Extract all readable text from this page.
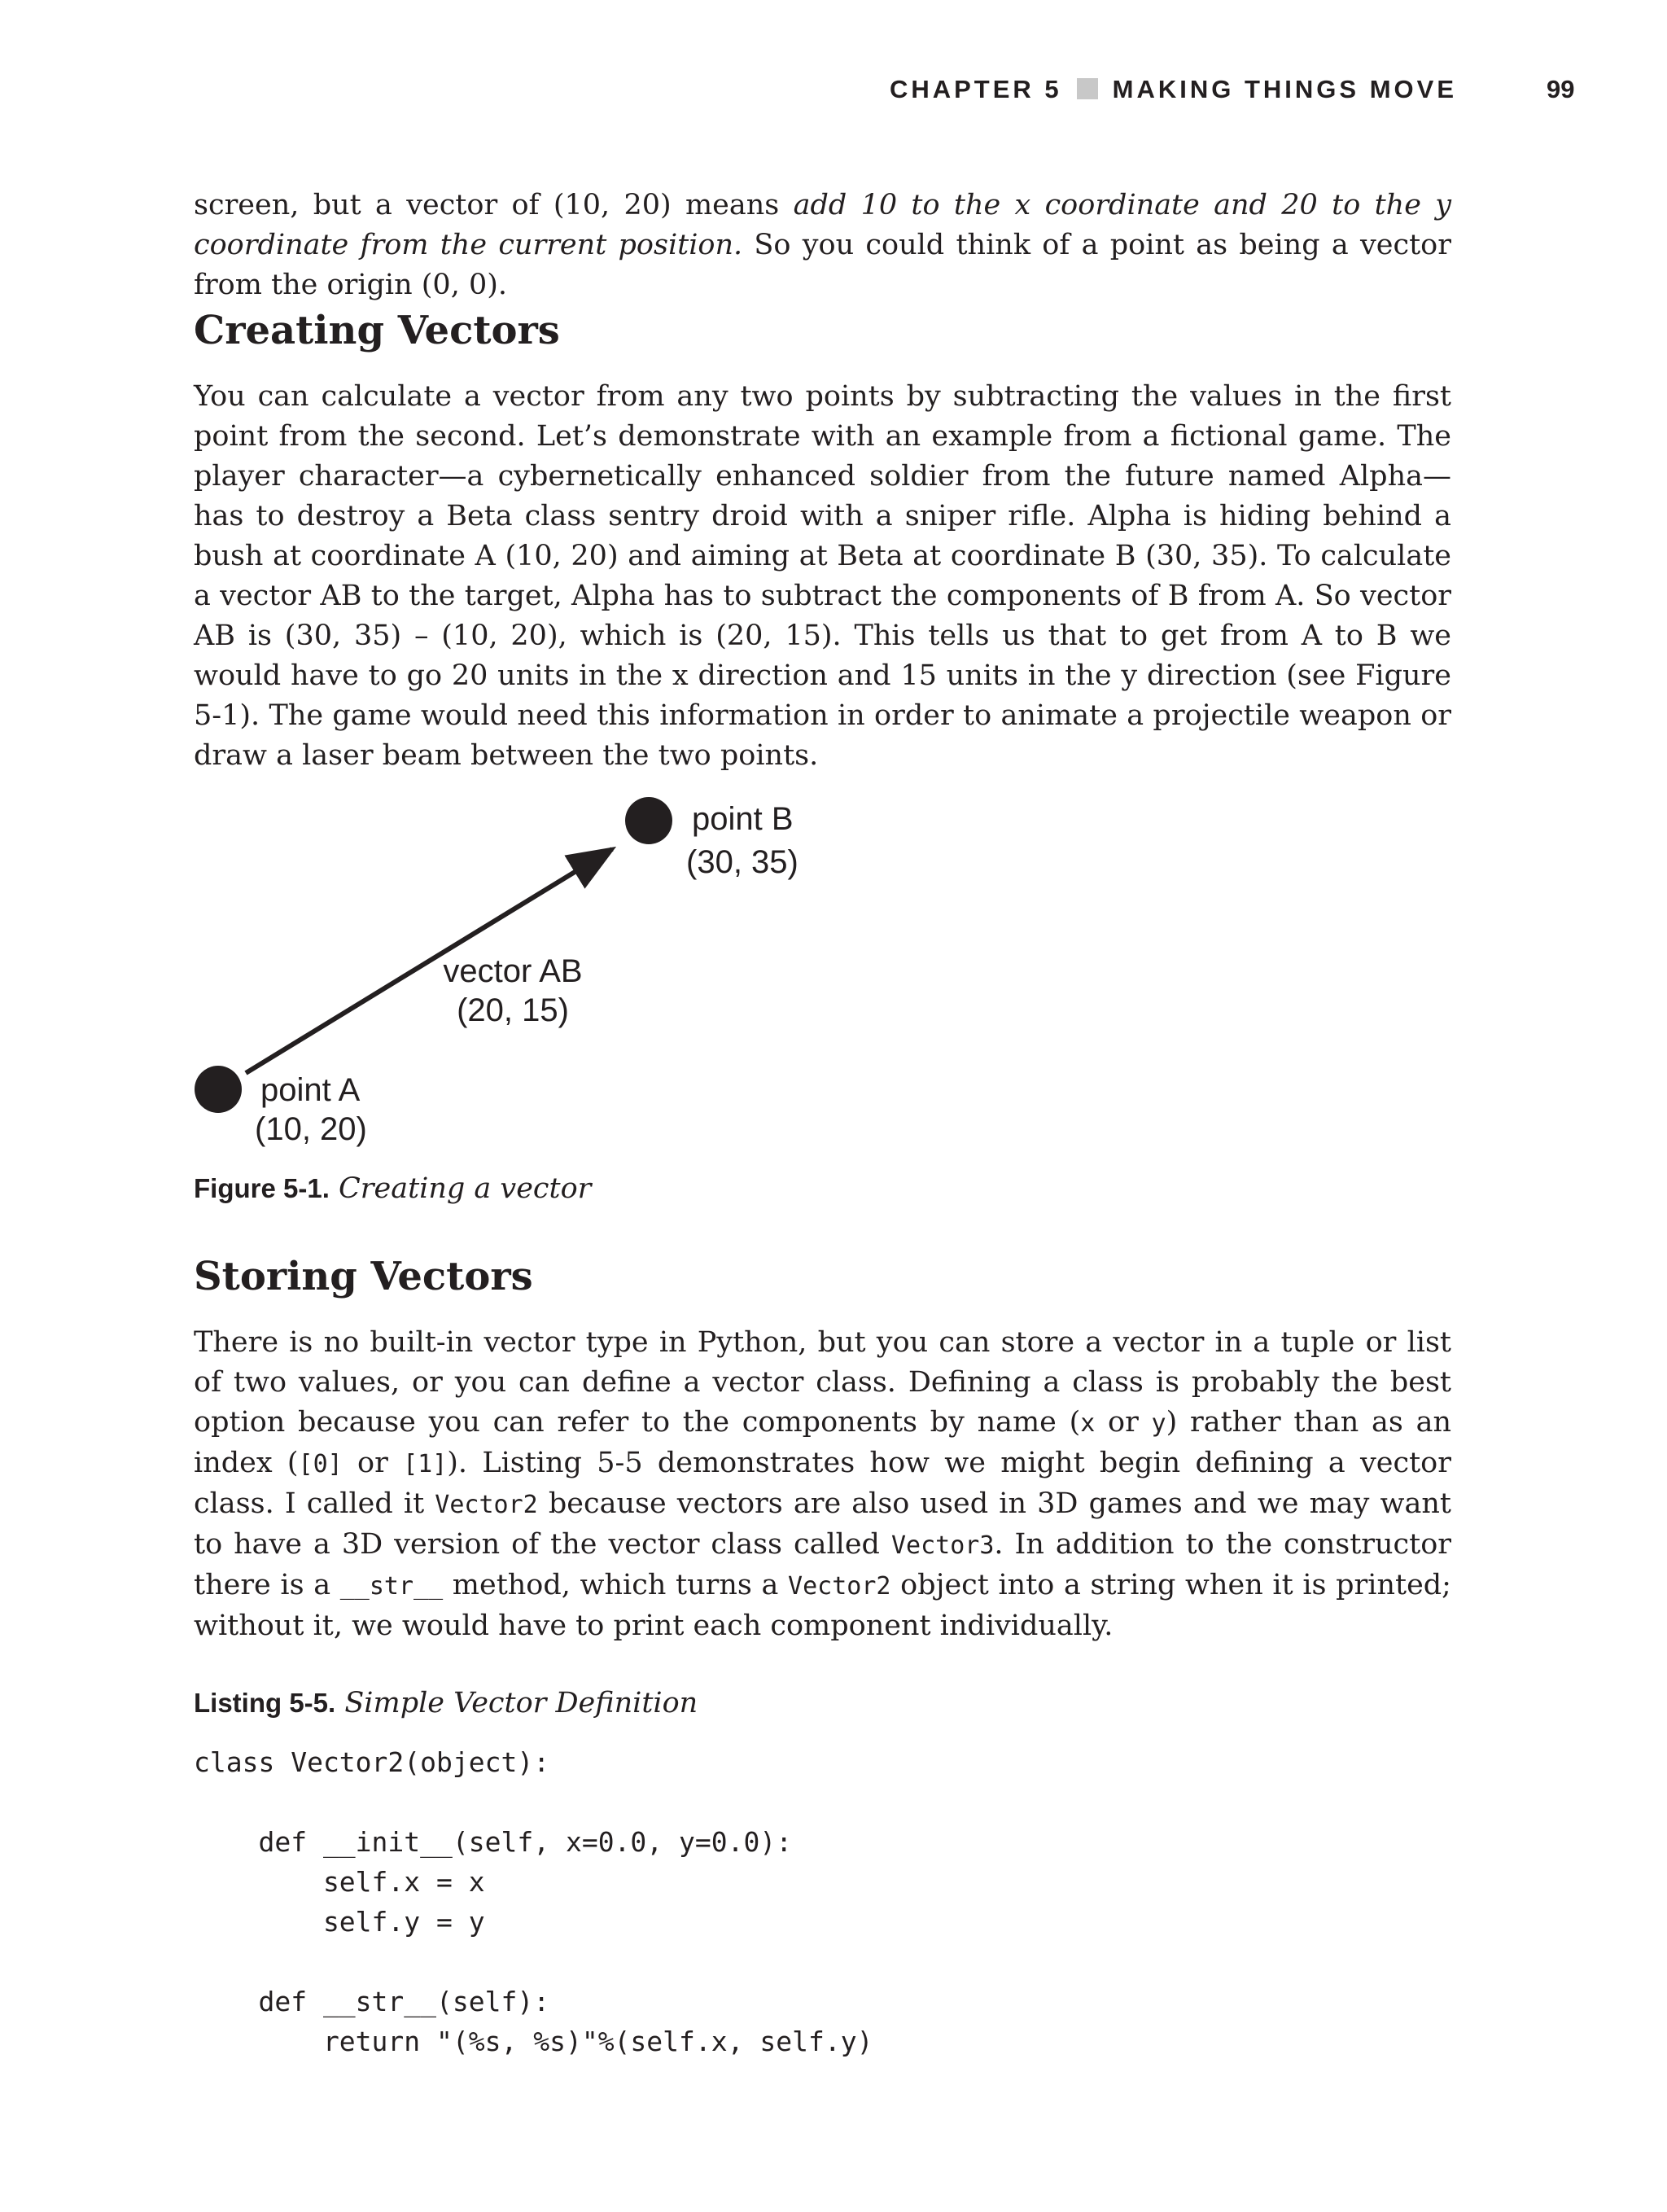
CHAPTER 5 MAKING THINGS MOVE	99

screen, but a vector of (10, 20) means add 10 to the x coordinate and 20 to the y coordinate from the current position. So you could think of a point as being a vector from the origin (0, 0).

Creating Vectors

You can calculate a vector from any two points by subtracting the values in the first point from the second. Let’s demonstrate with an example from a fictional game. The player character—a cybernetically enhanced soldier from the future named Alpha—has to destroy a Beta class sentry droid with a sniper rifle. Alpha is hiding behind a bush at coordinate A (10, 20) and aiming at Beta at coordinate B (30, 35). To calculate a vector AB to the target, Alpha has to subtract the components of B from A. So vector AB is (30, 35) – (10, 20), which is (20, 15). This tells us that to get from A to B we would have to go 20 units in the x direction and 15 units in the y direction (see Figure 5-1). The game would need this information in order to animate a projectile weapon or draw a laser beam between the two points.

point B
(30, 35)
vector AB
(20, 15)
point A
(10, 20)

Figure 5-1. Creating a vector

Storing Vectors

There is no built-in vector type in Python, but you can store a vector in a tuple or list of two values, or you can define a vector class. Defining a class is probably the best option because you can refer to the components by name (x or y) rather than as an index ([0] or [1]). Listing 5-5 demonstrates how we might begin defining a vector class. I called it Vector2 because vectors are also used in 3D games and we may want to have a 3D version of the vector class called Vector3. In addition to the constructor there is a __str__ method, which turns a Vector2 object into a string when it is printed; without it, we would have to print each component individually.

Listing 5-5. Simple Vector Definition

class Vector2(object):

def __init__(self, x=0.0, y=0.0):
self.x = x
self.y = y

def __str__(self):
return "(%s, %s)"%(self.x, self.y)
